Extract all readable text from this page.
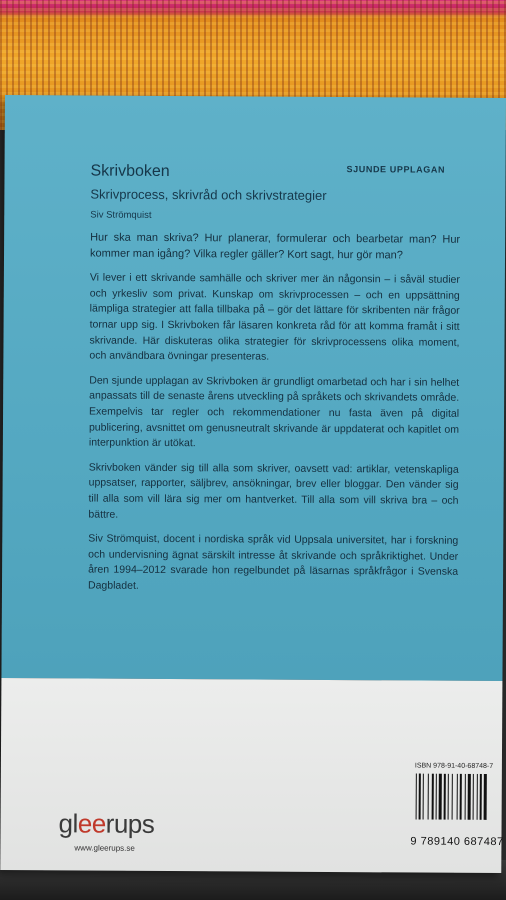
Skrivboken
Skrivprocess, skrivråd och skrivstrategier
Siv Strömquist
SJUNDE UPPLAGAN

Hur ska man skriva? Hur planerar, formulerar och bearbetar man? Hur kommer man igång? Vilka regler gäller? Kort sagt, hur gör man?

Vi lever i ett skrivande samhälle och skriver mer än någonsin – i såväl studier och yrkesliv som privat. Kunskap om skrivprocessen – och en uppsättning lämpliga strategier att falla tillbaka på – gör det lättare för skribenten när frågor tornar upp sig. I Skrivboken får läsaren konkreta råd för att komma framåt i sitt skrivande. Här diskuteras olika strategier för skrivprocessens olika moment, och användbara övningar presenteras.

Den sjunde upplagan av Skrivboken är grundligt omarbetad och har i sin helhet anpassats till de senaste årens utveckling på språkets och skrivandets område. Exempelvis tar regler och rekommendationer nu fasta även på digital publicering, avsnittet om genusneutralt skrivande är uppdaterat och kapitlet om interpunktion är utökat.

Skrivboken vänder sig till alla som skriver, oavsett vad: artiklar, vetenskapliga uppsatser, rapporter, säljbrev, ansökningar, brev eller bloggar. Den vänder sig till alla som vill lära sig mer om hantverket. Till alla som vill skriva bra – och bättre.

Siv Strömquist, docent i nordiska språk vid Uppsala universitet, har i forskning och undervisning ägnat särskilt intresse åt skrivande och språkriktighet. Under åren 1994–2012 svarade hon regelbundet på läsarnas språkfrågor i Svenska Dagbladet.

gleerups
www.gleerups.se
ISBN 978-91-40-68748-7
9 789140 687487
